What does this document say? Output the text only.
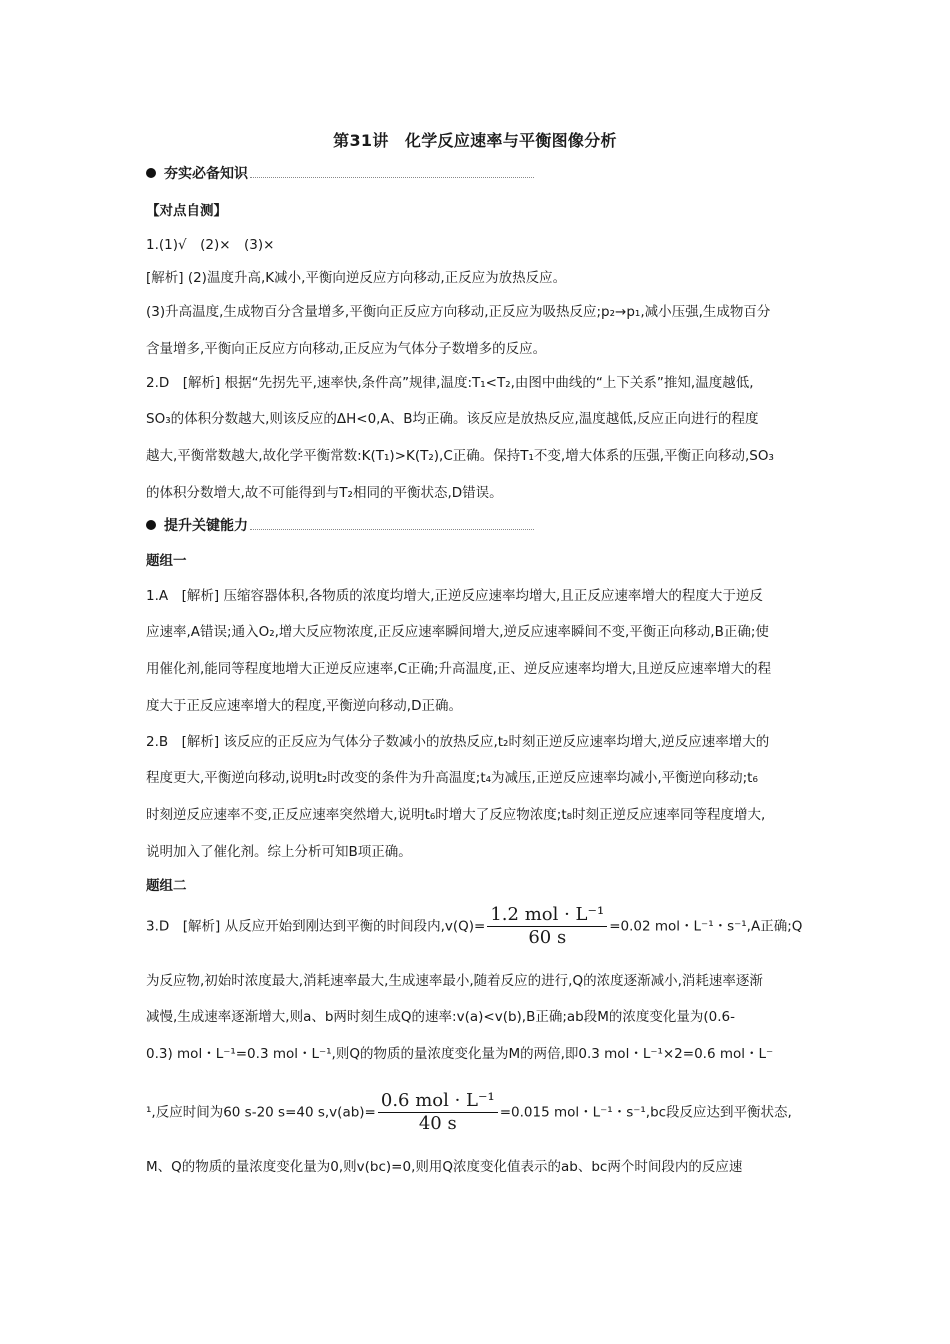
第31讲　化学反应速率与平衡图像分析
夯实必备知识
【对点自测】
1.(1)√　(2)×　(3)×
[解析] (2)温度升高,K减小,平衡向逆反应方向移动,正反应为放热反应。
(3)升高温度,生成物百分含量增多,平衡向正反应方向移动,正反应为吸热反应;p₂→p₁,减小压强,生成物百分
含量增多,平衡向正反应方向移动,正反应为气体分子数增多的反应。
2.D　[解析] 根据“先拐先平,速率快,条件高”规律,温度:T₁<T₂,由图中曲线的“上下关系”推知,温度越低,
SO₃的体积分数越大,则该反应的ΔH<0,A、B均正确。该反应是放热反应,温度越低,反应正向进行的程度
越大,平衡常数越大,故化学平衡常数:K(T₁)>K(T₂),C正确。保持T₁不变,增大体系的压强,平衡正向移动,SO₃
的体积分数增大,故不可能得到与T₂相同的平衡状态,D错误。
提升关键能力
题组一
1.A　[解析] 压缩容器体积,各物质的浓度均增大,正逆反应速率均增大,且正反应速率增大的程度大于逆反
应速率,A错误;通入O₂,增大反应物浓度,正反应速率瞬间增大,逆反应速率瞬间不变,平衡正向移动,B正确;使
用催化剂,能同等程度地增大正逆反应速率,C正确;升高温度,正、逆反应速率均增大,且逆反应速率增大的程
度大于正反应速率增大的程度,平衡逆向移动,D正确。
2.B　[解析] 该反应的正反应为气体分子数减小的放热反应,t₂时刻正逆反应速率均增大,逆反应速率增大的
程度更大,平衡逆向移动,说明t₂时改变的条件为升高温度;t₄为减压,正逆反应速率均减小,平衡逆向移动;t₆
时刻逆反应速率不变,正反应速率突然增大,说明t₆时增大了反应物浓度;t₈时刻正逆反应速率同等程度增大,
说明加入了催化剂。综上分析可知B项正确。
题组二
3.D　[解析] 从反应开始到刚达到平衡的时间段内$,v(Q)= \frac{\text{1.2 mol · L⁻¹}}{60 s} =0.02$ mol・L⁻¹・s⁻¹,A正确;Q
为反应物,初始时浓度最大,消耗速率最大,生成速率最小,随着反应的进行,Q的浓度逐渐减小,消耗速率逐渐
减慢,生成速率逐渐增大,则a、b两时刻生成Q的速率:v(a)<v(b),B正确;ab段M的浓度变化量为(0.6-
0.3) mol・L⁻¹=0.3 mol・L⁻¹,则Q的物质的量浓度变化量为M的两倍,即0.3 mol・L⁻¹×2=0.6 mol・L⁻
¹,反应时间为60 s-20 s=40 $s,v(ab)= \frac{\text{0.6 mol · L⁻¹}}{40 s} =0.015$ mol・L⁻¹・s⁻¹,bc段反应达到平衡状态,
M、Q的物质的量浓度变化量为0,则v(bc)=0,则用Q浓度变化值表示的ab、bc两个时间段内的反应速
